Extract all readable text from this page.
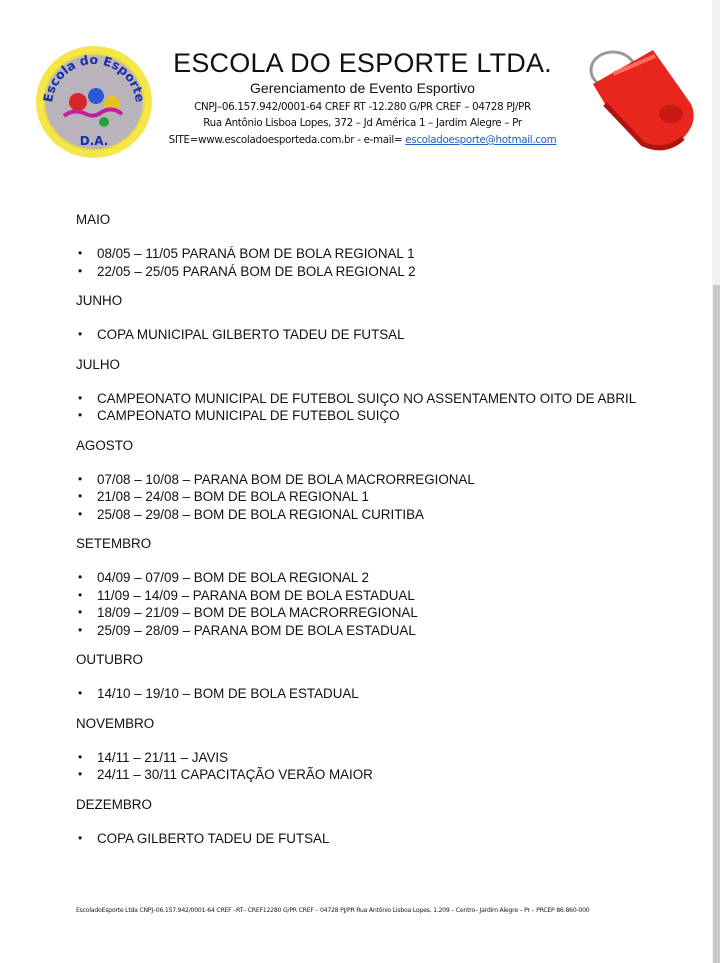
Escola do Esporte
D.A.
ESCOLA DO ESPORTE LTDA.
Gerenciamento de Evento Esportivo
CNPJ–06.157.942/0001-64 CREF RT -12.280 G/PR CREF – 04728 PJ/PR
Rua Antônio Lisboa Lopes, 372 – Jd América 1 – Jardim Alegre – Pr
SITE=www.escoladoesporteda.com.br - e-mail= escoladoesporte@hotmail.com

MAIO

• 08/05 – 11/05 PARANÁ BOM DE BOLA REGIONAL 1
• 22/05 – 25/05 PARANÁ BOM DE BOLA REGIONAL 2

JUNHO

• COPA MUNICIPAL GILBERTO TADEU DE FUTSAL

JULHO

• CAMPEONATO MUNICIPAL DE FUTEBOL SUIÇO NO ASSENTAMENTO OITO DE ABRIL
• CAMPEONATO MUNICIPAL DE FUTEBOL SUIÇO

AGOSTO

• 07/08 – 10/08 – PARANA BOM DE BOLA MACRORREGIONAL
• 21/08 – 24/08 – BOM DE BOLA REGIONAL 1
• 25/08 – 29/08 – BOM DE BOLA REGIONAL CURITIBA

SETEMBRO

• 04/09 – 07/09 – BOM DE BOLA REGIONAL 2
• 11/09 – 14/09 – PARANA BOM DE BOLA ESTADUAL
• 18/09 – 21/09 – BOM DE BOLA MACRORREGIONAL
• 25/09 – 28/09 – PARANA BOM DE BOLA ESTADUAL

OUTUBRO

• 14/10 – 19/10 – BOM DE BOLA ESTADUAL

NOVEMBRO

• 14/11 – 21/11 – JAVIS
• 24/11 – 30/11 CAPACITAÇÃO VERÃO MAIOR

DEZEMBRO

• COPA GILBERTO TADEU DE FUTSAL
EscoladoEsporte Ltda CNPJ–06.157.942/0001-64 CREF –RT– CREF12280 G/PR CREF – 04728 PJ/PR Rua Antônio Lisboa Lopes, 1.209 – Centro– Jardim Alegre – Pr – PRCEP 86.860-000
